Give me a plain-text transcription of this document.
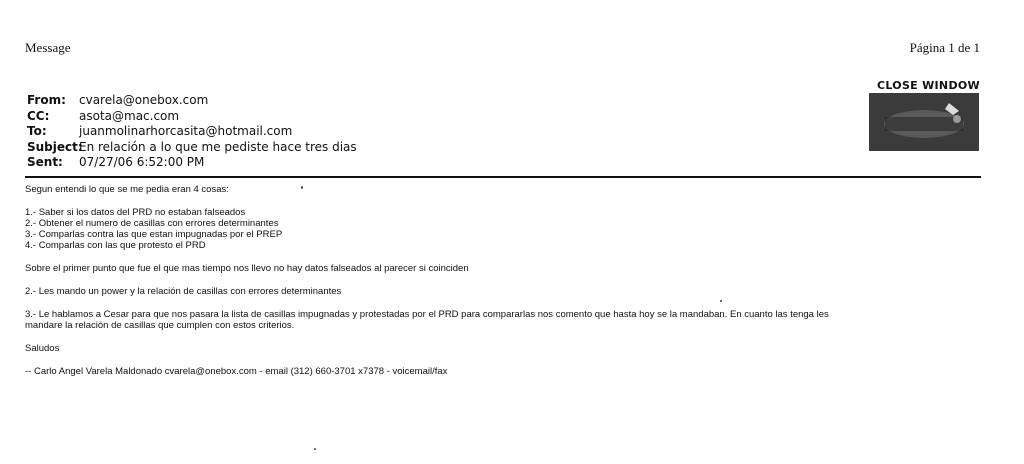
Message	Página 1 de 1
CLOSE WINDOW
From:	cvarela@onebox.com
CC:	asota@mac.com
To:	juanmolinarhorcasita@hotmail.com
Subject:
En relación a lo que me pediste hace tres dias
Sent:	07/27/06 6:52:00 PM

Segun entendi lo que se me pedia eran 4 cosas:

1.- Saber si los datos del PRD no estaban falseados

2.- Obtener el numero de casillas con errores determinantes

3.- Comparlas contra las que estan impugnadas por el PREP

4.- Comparlas con las que protesto el PRD

Sobre el primer punto que fue el que mas tiempo nos llevo no hay datos falseados al parecer si coinciden

2.- Les mando un power y la relación de casillas con errores determinantes

3.- Le hablamos a Cesar para que nos pasara la lista de casillas impugnadas y protestadas por el PRD para compararlas nos comento que hasta hoy se la mandaban. En cuanto las tenga les

mandare la relación de casillas que cumplen con estos criterios.

Saludos

-- Carlo Angel Varela Maldonado cvarela@onebox.com - email (312) 660-3701 x7378 - voicemail/fax
